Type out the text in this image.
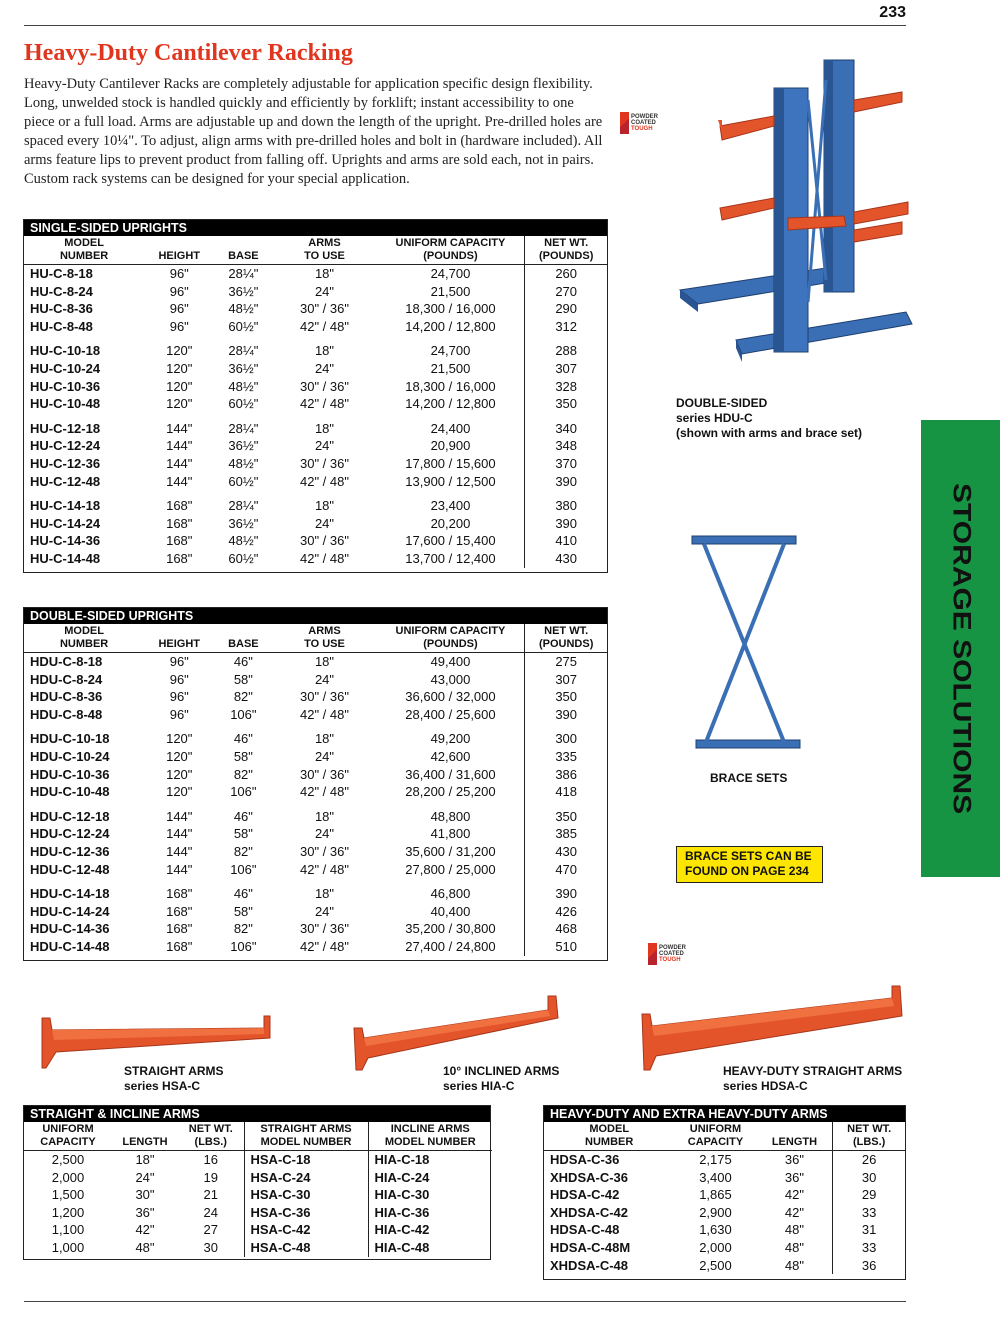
233
Heavy-Duty Cantilever Racking

Heavy-Duty Cantilever Racks are completely adjustable for application specific design flexibility. Long, unwelded stock is handled quickly and efficiently by forklift; instant accessibility to one piece or a full load. Arms are adjustable up and down the length of the upright. Pre-drilled holes are spaced every 10¼". To adjust, align arms with pre-drilled holes and bolt in (hardware included). All arms feature lips to prevent product from falling off. Uprights and arms are sold each, not in pairs. Custom rack systems can be designed for your special application.

SINGLE-SIDED UPRIGHTS
MODEL
NUMBER	HEIGHT	BASE	ARMS
TO USE	UNIFORM CAPACITY
(POUNDS)	NET WT.
(POUNDS)
HU-C-8-18	96"	28¼"	18"	24,700	260
HU-C-8-24	96"	36½"	24"	21,500	270
HU-C-8-36	96"	48½"	30" / 36"	18,300 / 16,000	290
HU-C-8-48	96"	60½"	42" / 48"	14,200 / 12,800	312

HU-C-10-18	120"	28¼"	18"	24,700	288
HU-C-10-24	120"	36½"	24"	21,500	307
HU-C-10-36	120"	48½"	30" / 36"	18,300 / 16,000	328
HU-C-10-48	120"	60½"	42" / 48"	14,200 / 12,800	350

HU-C-12-18	144"	28¼"	18"	24,400	340
HU-C-12-24	144"	36½"	24"	20,900	348
HU-C-12-36	144"	48½"	30" / 36"	17,800 / 15,600	370
HU-C-12-48	144"	60½"	42" / 48"	13,900 / 12,500	390

HU-C-14-18	168"	28¼"	18"	23,400	380
HU-C-14-24	168"	36½"	24"	20,200	390
HU-C-14-36	168"	48½"	30" / 36"	17,600 / 15,400	410
HU-C-14-48	168"	60½"	42" / 48"	13,700 / 12,400	430
DOUBLE-SIDED UPRIGHTS
MODEL
NUMBER	HEIGHT	BASE	ARMS
TO USE	UNIFORM CAPACITY
(POUNDS)	NET WT.
(POUNDS)
HDU-C-8-18	96"	46"	18"	49,400	275
HDU-C-8-24	96"	58"	24"	43,000	307
HDU-C-8-36	96"	82"	30" / 36"	36,600 / 32,000	350
HDU-C-8-48	96"	106"	42" / 48"	28,400 / 25,600	390

HDU-C-10-18	120"	46"	18"	49,200	300
HDU-C-10-24	120"	58"	24"	42,600	335
HDU-C-10-36	120"	82"	30" / 36"	36,400 / 31,600	386
HDU-C-10-48	120"	106"	42" / 48"	28,200 / 25,200	418

HDU-C-12-18	144"	46"	18"	48,800	350
HDU-C-12-24	144"	58"	24"	41,800	385
HDU-C-12-36	144"	82"	30" / 36"	35,600 / 31,200	430
HDU-C-12-48	144"	106"	42" / 48"	27,800 / 25,000	470

HDU-C-14-18	168"	46"	18"	46,800	390
HDU-C-14-24	168"	58"	24"	40,400	426
HDU-C-14-36	168"	82"	30" / 36"	35,200 / 30,800	468
HDU-C-14-48	168"	106"	42" / 48"	27,400 / 24,800	510
POWDER
COATED
TOUGH
POWDER
COATED
TOUGH
DOUBLE-SIDED
series HDU-C
(shown with arms and brace set)
BRACE SETS
BRACE SETS CAN BE
FOUND ON PAGE 234
STORAGE SOLUTIONS
STRAIGHT ARMS
series HSA-C
10° INCLINED ARMS
series HIA-C
HEAVY-DUTY STRAIGHT ARMS
series HDSA-C
STRAIGHT & INCLINE ARMS
UNIFORM
CAPACITY	LENGTH	NET WT.
(LBS.)	STRAIGHT ARMS
MODEL NUMBER	INCLINE ARMS
MODEL NUMBER
2,500	18"	16	HSA-C-18	HIA-C-18
2,000	24"	19	HSA-C-24	HIA-C-24
1,500	30"	21	HSA-C-30	HIA-C-30
1,200	36"	24	HSA-C-36	HIA-C-36
1,100	42"	27	HSA-C-42	HIA-C-42
1,000	48"	30	HSA-C-48	HIA-C-48
HEAVY-DUTY AND EXTRA HEAVY-DUTY ARMS
MODEL
NUMBER	UNIFORM
CAPACITY	LENGTH	NET WT.
(LBS.)
HDSA-C-36	2,175	36"	26
XHDSA-C-36	3,400	36"	30
HDSA-C-42	1,865	42"	29
XHDSA-C-42	2,900	42"	33
HDSA-C-48	1,630	48"	31
HDSA-C-48M	2,000	48"	33
XHDSA-C-48	2,500	48"	36
